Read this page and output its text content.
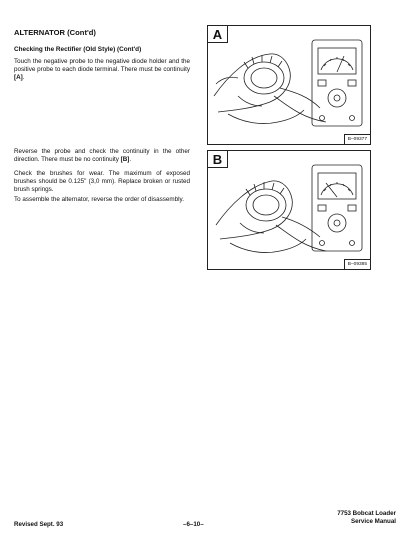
ALTERNATOR (Cont'd)
Checking the Rectifier (Old Style) (Cont'd)

Touch the negative probe to the negative diode holder and the positive probe to each diode terminal. There must be continuity [A].

Reverse the probe and check the continuity in the other direction. There must be no continuity [B].

Check the brushes for wear. The maximum of exposed brushes should be 0.125" (3,0 mm). Replace broken or rusted brush springs.

To assemble the alternator, reverse the order of disassembly.

A
B–09377
B
B–09385
Revised Sept. 93	–6–10–
7753 Bobcat Loader
Service Manual
